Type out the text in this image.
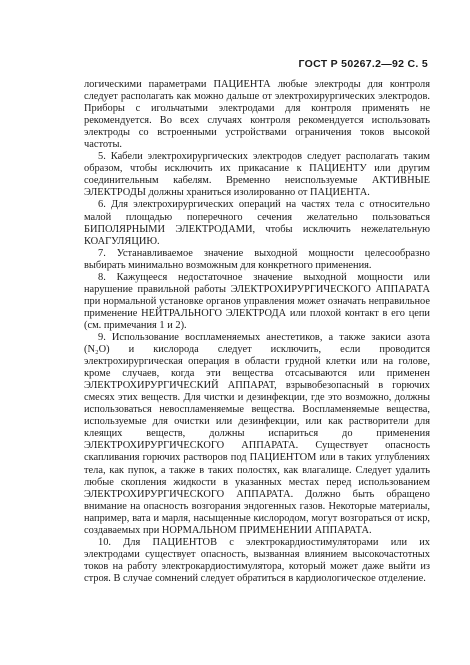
ГОСТ Р 50267.2—92 С. 5

логическими параметрами ПАЦИЕНТА любые электроды для контроля следует располагать как можно дальше от электрохирургических электродов. Приборы с игольчатыми электродами для контроля применять не рекомендуется. Во всех случаях контроля рекомендуется использовать электроды со встроенными устройствами ограничения токов высокой частоты.

5. Кабели электрохирургических электродов следует располагать таким образом, чтобы исключить их прикасание к ПАЦИЕНТУ или другим соединительным кабелям. Временно неиспользуемые АКТИВНЫЕ ЭЛЕКТРОДЫ должны храниться изолированно от ПАЦИЕНТА.

6. Для электрохирургических операций на частях тела с относительно малой площадью поперечного сечения желательно пользоваться БИПОЛЯРНЫМИ ЭЛЕКТРОДАМИ, чтобы исключить нежелательную КОАГУЛЯЦИЮ.

7. Устанавливаемое значение выходной мощности целесообразно выбирать минимально возможным для конкретного применения.

8. Кажущееся недостаточное значение выходной мощности или нарушение правильной работы ЭЛЕКТРОХИРУРГИЧЕСКОГО АППАРАТА при нормальной установке органов управления может означать неправильное применение НЕЙТРАЛЬНОГО ЭЛЕКТРОДА или плохой контакт в его цепи (см. примечания 1 и 2).

9. Использование воспламеняемых анестетиков, а также закиси азота (N₂O) и кислорода следует исключить, если проводится электрохирургическая операция в области грудной клетки или на голове, кроме случаев, когда эти вещества отсасываются или применен ЭЛЕКТРОХИРУРГИЧЕСКИЙ АППАРАТ, взрывобезопасный в горючих смесях этих веществ. Для чистки и дезинфекции, где это возможно, должны использоваться невоспламеняемые вещества. Воспламеняемые вещества, используемые для очистки или дезинфекции, или как растворители для клеящих веществ, должны испариться до применения ЭЛЕКТРОХИРУРГИЧЕСКОГО АППАРАТА. Существует опасность скапливания горючих растворов под ПАЦИЕНТОМ или в таких углублениях тела, как пупок, а также в таких полостях, как влагалище. Следует удалить любые скопления жидкости в указанных местах перед использованием ЭЛЕКТРОХИРУРГИЧЕСКОГО АППАРАТА. Должно быть обращено внимание на опасность возгорания эндогенных газов. Некоторые материалы, например, вата и марля, насыщенные кислородом, могут возгораться от искр, создаваемых при НОРМАЛЬНОМ ПРИМЕНЕНИИ АППАРАТА.

10. Для ПАЦИЕНТОВ с электрокардиостимуляторами или их электродами существует опасность, вызванная влиянием высокочастотных токов на работу электрокардиостимулятора, который может даже выйти из строя. В случае сомнений следует обратиться в кардиологическое отделение.
